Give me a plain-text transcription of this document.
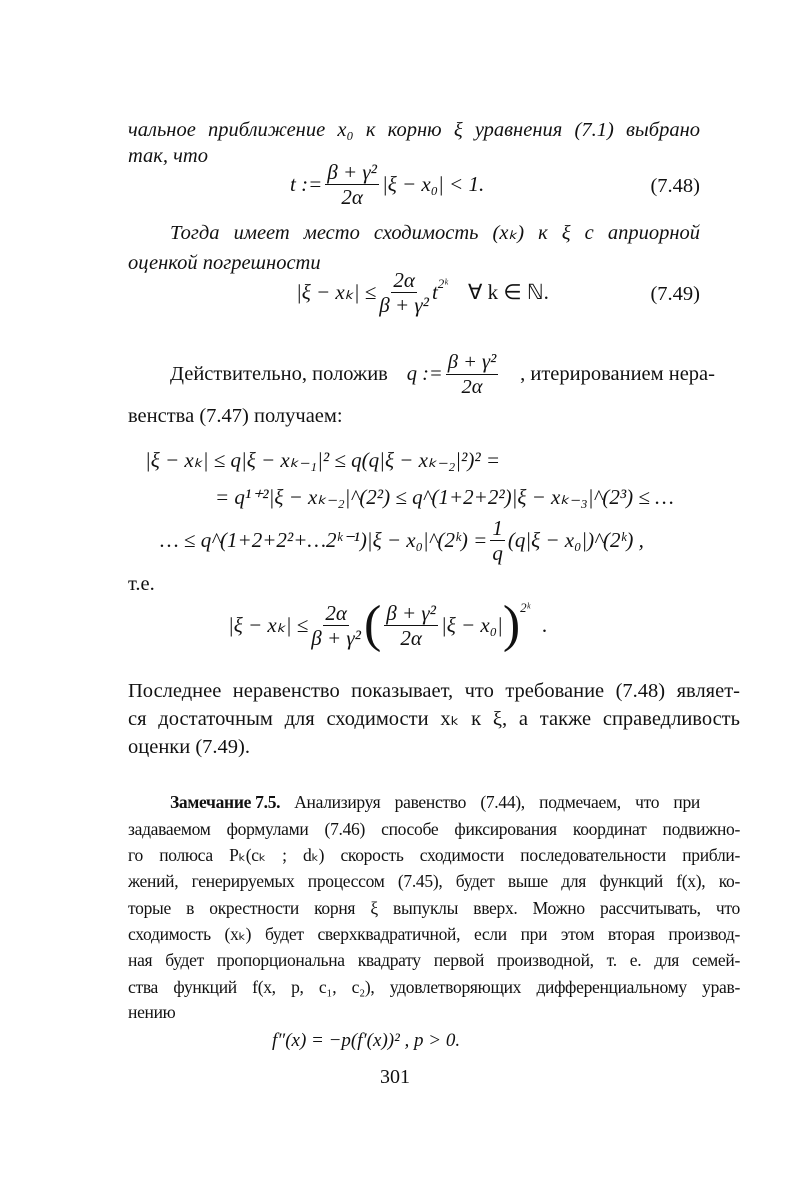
чальное приближение x₀ к корню ξ уравнения (7.1) выбрано
так, что
t := $\frac{\text{β + γ²}}{2\alpha} |\xi - x_0| < 1$.	(7.48)
Тогда имеет место сходимость (xₖ) к ξ с априорной
оценкой погрешности
$|\xi - x_k| \le \frac{2\alpha}{\text{β + γ²}} t^{2ᵏ}$ ∀ k ∈ ℕ.	(7.49)
Действительно, положив q := $\frac{\text{β + γ²}}{2\alpha}$ , итерированием нера-
венства (7.47) получаем:
|ξ − xₖ| ≤ q|ξ − xₖ₋₁|² ≤ q(q|ξ − xₖ₋₂|²)² =
= q¹⁺²|ξ − xₖ₋₂|^(2²) ≤ q^(1+2+2²)|ξ − xₖ₋₃|^(2³) ≤ …
… ≤ q^(1+2+2²+…2ᵏ⁻¹)|ξ − x₀|^(2ᵏ) = $\frac{1}{q} (q|\xi$ − x₀|)^(2ᵏ) ,
т.е.
$|\xi - x_k| \le \frac{2\alpha}{\text{β + γ²}}$ ( $\frac{\text{β + γ²}}{2\alpha} |\xi - x_0|$ )$^{2ᵏ}$
.
Последнее неравенство показывает, что требование (7.48) являет-
ся достаточным для сходимости xₖ к ξ, а также справедливость
оценки (7.49).
Замечание 7.5. Анализируя равенство (7.44), подмечаем, что при
задаваемом формулами (7.46) способе фиксирования координат подвижно-
го полюса Pₖ(cₖ ; dₖ) скорость сходимости последовательности прибли-
жений, генерируемых процессом (7.45), будет выше для функций f(x), ко-
торые в окрестности корня ξ выпуклы вверх. Можно рассчитывать, что
сходимость (xₖ) будет сверхквадратичной, если при этом вторая производ-
ная будет пропорциональна квадрату первой производной, т. е. для семей-
ства функций f(x, p, c₁, c₂), удовлетворяющих дифференциальному урав-
нению
f″(x) = −p(f′(x))² , p > 0.
301
